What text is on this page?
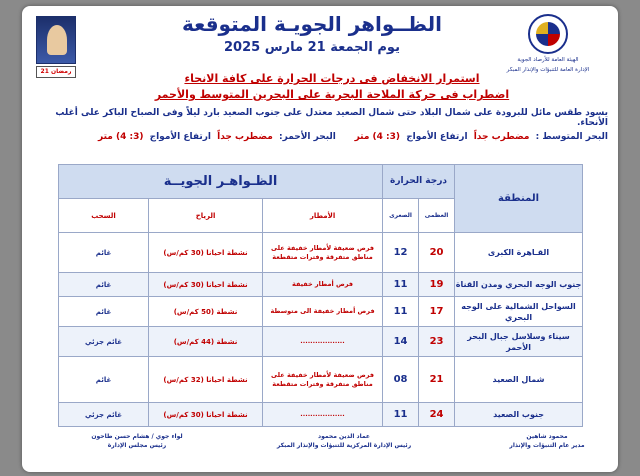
21 رمضان
الظــواهر الجويـة المتوقعة
يوم الجمعة 21 مارس 2025
الهيئة العامة للأرصاد الجوية
الإدارة العامة للتنبؤات والإنذار المبكر
استمرار الانخفاض فى درجات الحرارة على كافة الانحاء
اضطراب فى حركة الملاحة البحرية على البحرين المتوسط والأحمر
يسود طقس مائل للبرودة على شمال البلاد حتى شمال الصعيد معتدل على جنوب الصعيد بارد ليلاً وفى الصباح الباكر على أغلب الأنحاء.
البحر المتوسط : مضطرب جداً ارتفاع الأمواج (3: 4) متر     البحر الأحمر: مضطرب جداً ارتفاع الأمواج (3: 4) متر
المنطقة	درجة الحرارة		الظـواهـر الجويــة		
	العظمى	الصغرى	الأمطار	الرياح	السحب
القـاهرة الكبرى	20	12	فرص ضعيفة لأمطار خفيفة على مناطق متفرقة وفترات متقطعة	نشطة احيانا (30 كم/س)	غائم
جنوب الوجه البحري ومدن القناة	19	11	فرص أمطار خفيفة	نشطة احيانا (30 كم/س)	غائم
السواحل الشمالية على الوجه البحري	17	11	فرص أمطار خفيفة الى متوسطة	نشطة (50 كم/س)	غائم
سيناء وسلاسل جبال البحر الأحمر	23	14	..................	نشطة (44 كم/س)	غائم جزئي
شمال الصعيد	21	08	فرص ضعيفة لأمطار خفيفة على مناطق متفرقة وفترات متقطعة	نشطة احيانا (32 كم/س)	غائم
جنوب الصعيد	24	11	..................	نشطة احيانا (30 كم/س)	غائم جزئي
لواء جوي / هشام حسن طاحون
رئيس مجلس الإدارة
عماد الدين محمود
رئيس الإدارة المركزية للتنبؤات والإنذار المبكر
محمود شاهين
مدير عام التنبؤات والإنذار
